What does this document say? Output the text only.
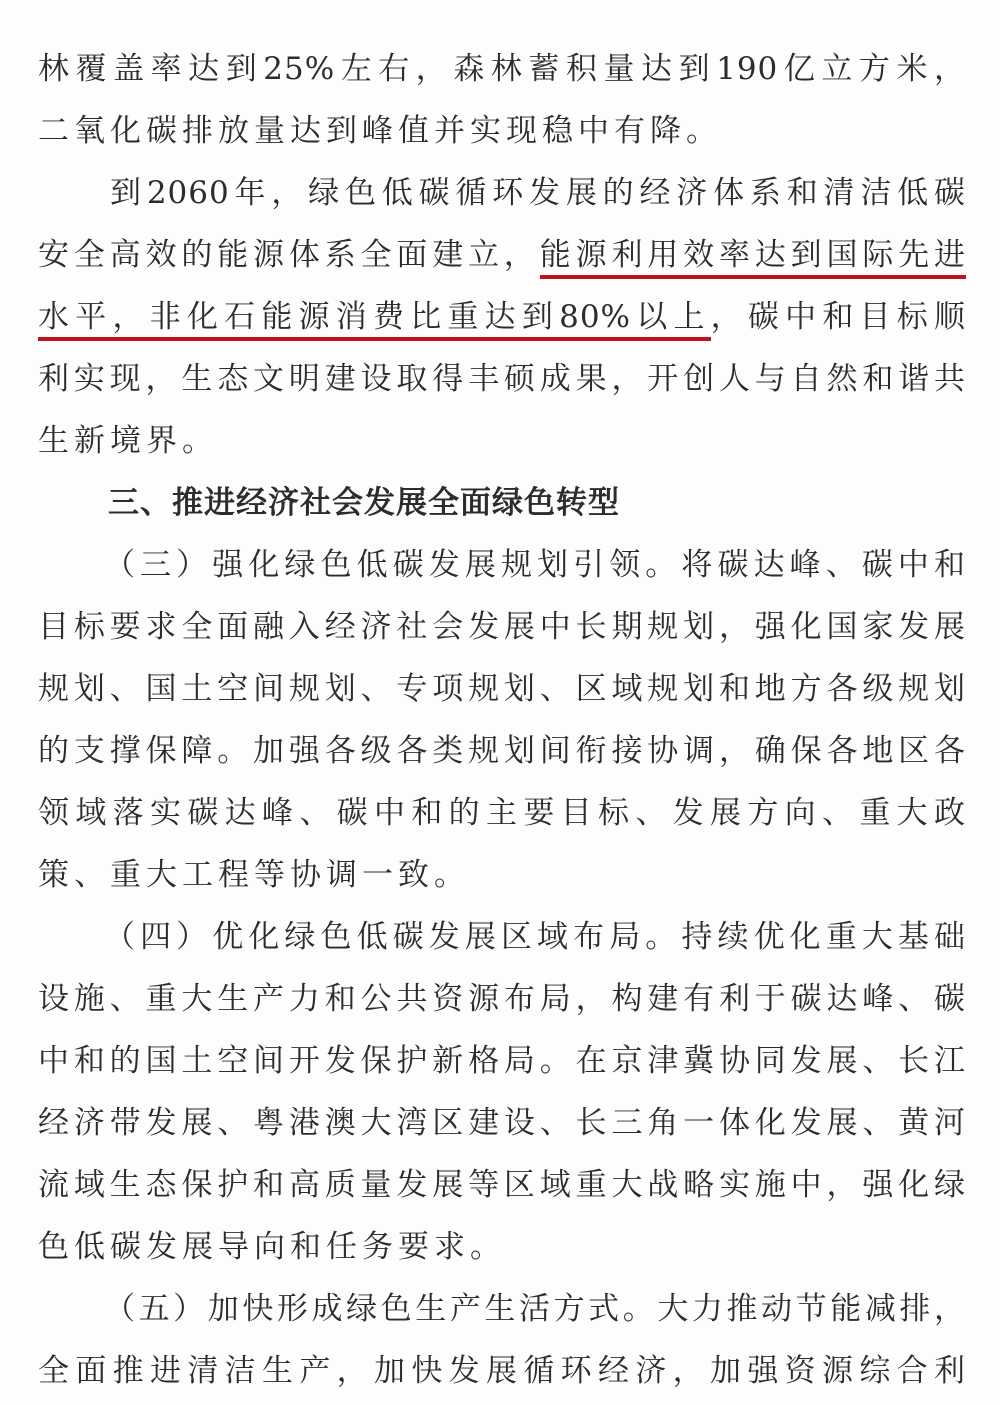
林覆盖率达到25%左右，森林蓄积量达到190亿立方米，
二氧化碳排放量达到峰值并实现稳中有降。
到2060年，绿色低碳循环发展的经济体系和清洁低碳
安全高效的能源体系全面建立，能源利用效率达到国际先进
水平，非化石能源消费比重达到80%以上，碳中和目标顺
利实现，生态文明建设取得丰硕成果，开创人与自然和谐共
生新境界。
三、推进经济社会发展全面绿色转型
（三）强化绿色低碳发展规划引领。将碳达峰、碳中和
目标要求全面融入经济社会发展中长期规划，强化国家发展
规划、国土空间规划、专项规划、区域规划和地方各级规划
的支撑保障。加强各级各类规划间衔接协调，确保各地区各
领域落实碳达峰、碳中和的主要目标、发展方向、重大政
策、重大工程等协调一致。
（四）优化绿色低碳发展区域布局。持续优化重大基础
设施、重大生产力和公共资源布局，构建有利于碳达峰、碳
中和的国土空间开发保护新格局。在京津冀协同发展、长江
经济带发展、粤港澳大湾区建设、长三角一体化发展、黄河
流域生态保护和高质量发展等区域重大战略实施中，强化绿
色低碳发展导向和任务要求。
（五）加快形成绿色生产生活方式。大力推动节能减排，
全面推进清洁生产，加快发展循环经济，加强资源综合利
